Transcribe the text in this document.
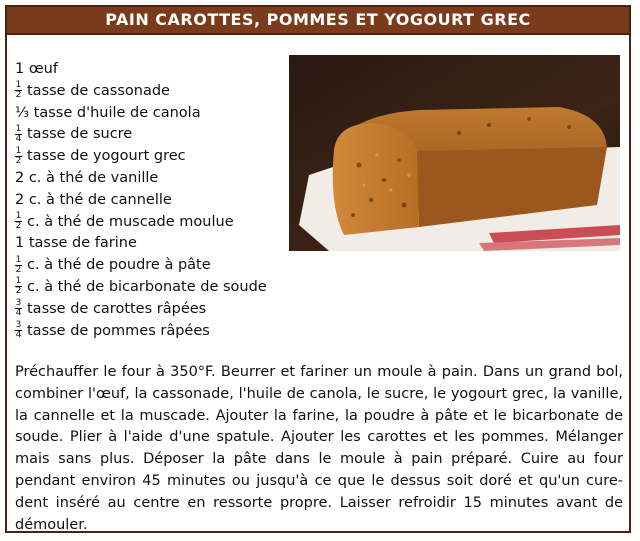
PAIN CAROTTES, POMMES ET YOGOURT GREC
1 œuf
$\frac{1}{2}$ tasse de cassonade
⅓ tasse d'huile de canola
$\frac{1}{4}$ tasse de sucre
$\frac{1}{2}$ tasse de yogourt grec
2 c. à thé de vanille
2 c. à thé de cannelle
$\frac{1}{2} c$. à thé de muscade moulue
1 tasse de farine
$\frac{1}{2} c$. à thé de poudre à pâte
$\frac{1}{2} c$. à thé de bicarbonate de soude
$\frac{3}{4}$ tasse de carottes râpées
$\frac{3}{4}$ tasse de pommes râpées

Préchauffer le four à 350°F. Beurrer et fariner un moule à pain. Dans un grand bol, combiner l'œuf, la cassonade, l'huile de canola, le sucre, le yogourt grec, la vanille, la cannelle et la muscade. Ajouter la farine, la poudre à pâte et le bicarbonate de soude. Plier à l'aide d'une spatule. Ajouter les carottes et les pommes. Mélanger mais sans plus. Déposer la pâte dans le moule à pain préparé. Cuire au four pendant environ 45 minutes ou jusqu'à ce que le dessus soit doré et qu'un cure-dent inséré au centre en ressorte propre. Laisser refroidir 15 minutes avant de démouler.
